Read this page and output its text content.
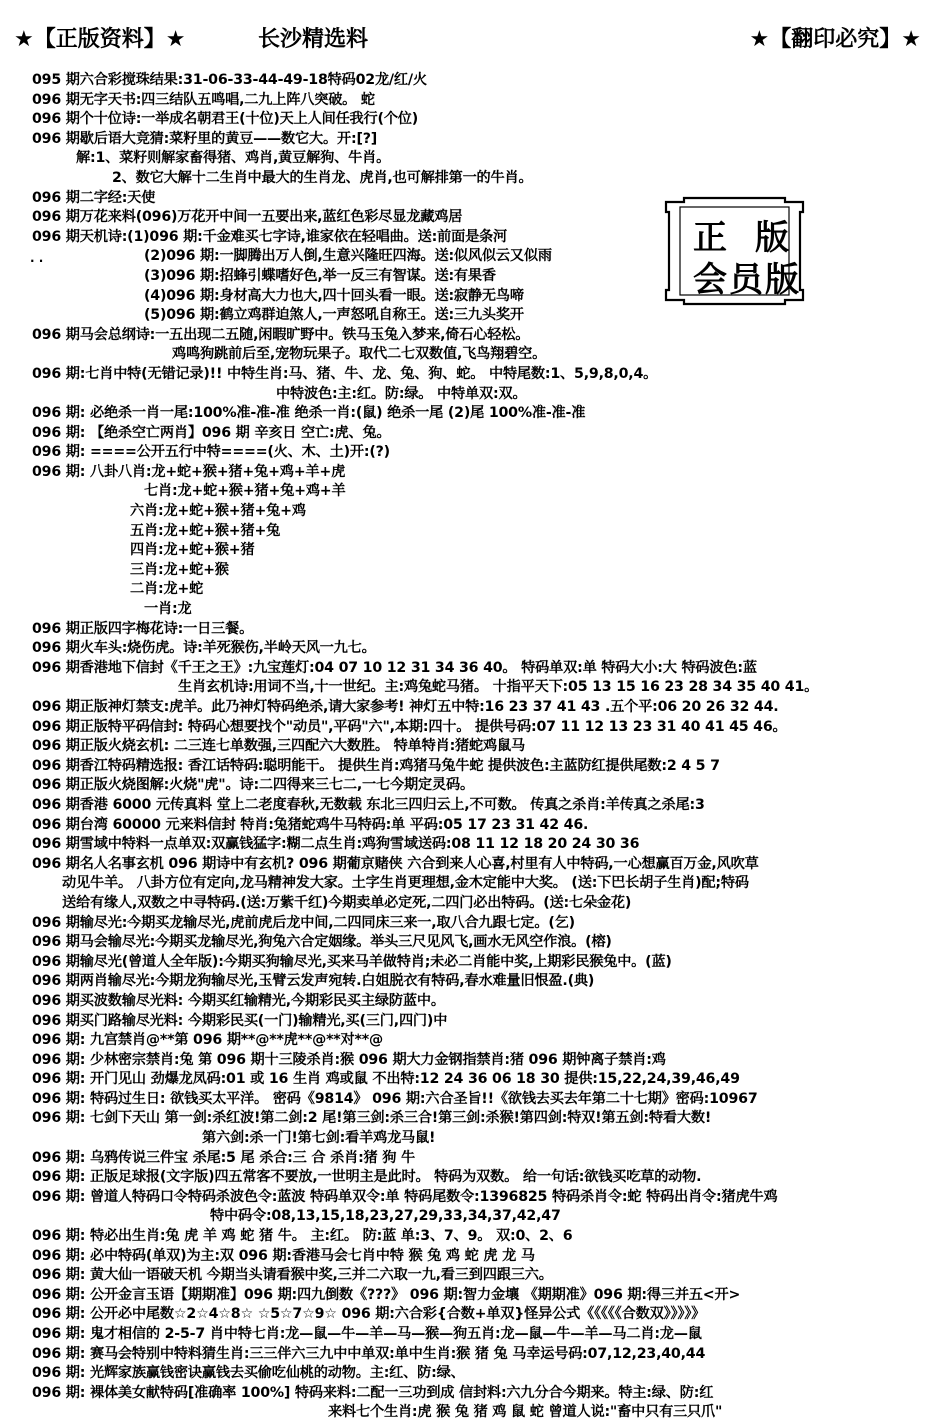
★【正版资料】★	长沙精选料	★【翻印必究】★
095 期六合彩搅珠结果:31-06-33-44-49-18特码02龙/红/火
096 期无字天书:四三结队五鸣唱,二九上阵八突破。 蛇
096 期个十位诗:一举成名朝君王(十位)天上人间任我行(个位)
096 期歇后语大竞猜:菜籽里的黄豆——数它大。开:[?]
解:1、菜籽则解家畜得猪、鸡肖,黄豆解狗、牛肖。
2、数它大解十二生肖中最大的生肖龙、虎肖,也可解排第一的牛肖。
096 期二字经:天使
096 期万花来料(096)万花开中间一五要出来,蓝红色彩尽显龙藏鸡居
096 期天机诗:(1)096 期:千金难买七字诗,谁家依在轻唱曲。送:前面是条河
(2)096 期:一脚腾出万人倒,生意兴隆旺四海。送:似风似云又似雨
(3)096 期:招蜂引蝶嗜好色,举一反三有智谋。送:有果香
(4)096 期:身材高大力也大,四十回头看一眼。送:寂静无鸟啼
(5)096 期:鹤立鸡群迫煞人,一声怒吼自称王。送:三九头奖开
096 期马会总纲诗:一五出现二五随,闲暇旷野中。铁马玉兔入梦来,倚石心轻松。
鸡鸣狗跳前后至,宠物玩果子。取代二七双数值,飞鸟翔碧空。
096 期:七肖中特(无错记录)!! 中特生肖:马、猪、牛、龙、兔、狗、蛇。 中特尾数:1、5,9,8,0,4。
中特波色:主:红。防:绿。 中特单双:双。
096 期: 必绝杀一肖一尾:100%准-准-准 绝杀一肖:(鼠) 绝杀一尾 (2)尾 100%准-准-准
096 期: 【绝杀空亡两肖】096 期 辛亥日 空亡:虎、兔。
096 期: ====公开五行中特====(火、木、土)开:(?)
096 期: 八卦八肖:龙+蛇+猴+猪+兔+鸡+羊+虎
七肖:龙+蛇+猴+猪+兔+鸡+羊
六肖:龙+蛇+猴+猪+兔+鸡
五肖:龙+蛇+猴+猪+兔
四肖:龙+蛇+猴+猪
三肖:龙+蛇+猴
二肖:龙+蛇
一肖:龙
096 期正版四字梅花诗:一日三餐。
096 期火车头:烧伤虎。诗:羊死猴伤,半岭天风一九七。
096 期香港地下信封《千王之王》:九宝莲灯:04 07 10 12 31 34 36 40。 特码单双:单 特码大小:大 特码波色:蓝
生肖玄机诗:用词不当,十一世纪。主:鸡兔蛇马猪。 十指平天下:05 13 15 16 23 28 34 35 40 41。
096 期正版神灯禁支:虎羊。此乃神灯特码绝杀,请大家参考! 神灯五中特:16 23 37 41 43 .五个平:06 20 26 32 44.
096 期正版特平码信封: 特码心想要找个"动员",平码"六",本期:四十。 提供号码:07 11 12 13 23 31 40 41 45 46。
096 期正版火烧玄机: 二三连七单数强,三四配六大数胜。 特单特肖:猪蛇鸡鼠马
096 期香江特码精选报: 香江话特码:聪明能干。 提供生肖:鸡猪马兔牛蛇 提供波色:主蓝防红提供尾数:2 4 5 7
096 期正版火烧图解:火烧"虎"。诗:二四得来三七二,一七今期定灵码。
096 期香港 6000 元传真料 堂上二老度春秋,无数载 东北三四归云上,不可数。 传真之杀肖:羊传真之杀尾:3
096 期台湾 60000 元来料信封 特肖:兔猪蛇鸡牛马特码:单 平码:05 17 23 31 42 46.
096 期雪域中特料一点单双:双赢钱猛字:糊二点生肖:鸡狗雪域送码:08 11 12 18 20 24 30 36
096 期名人名事玄机 096 期诗中有玄机? 096 期葡京赌侠 六合到来人心喜,村里有人中特码,一心想赢百万金,风吹草
动见牛羊。 八卦方位有定向,龙马精神发大家。土字生肖更理想,金木定能中大奖。 (送:下巴长胡子生肖)配;特码
送给有缘人,双数之中寻特码.(送:万紫千红)今期卖单必定死,二四门必出特码。(送:七朵金花)
096 期输尽光:今期买龙输尽光,虎前虎后龙中间,二四同床三来一,取八合九跟七定。(乞)
096 期马会输尽光:今期买龙输尽光,狗兔六合定姻缘。举头三尺见风飞,画水无风空作浪。(榕)
096 期输尽光(曾道人全年版):今期买狗输尽光,买来马羊做特肖;未必二肖能中奖,上期彩民猴兔中。(蓝)
096 期两肖输尽光:今期龙狗输尽光,玉臂云发声宛转.白姐脱衣有特码,春水难量旧恨盈.(典)
096 期买波数输尽光料: 今期买红输精光,今期彩民买主绿防蓝中。
096 期买门路输尽光料: 今期彩民买(一门)输精光,买(三门,四门)中
096 期: 九宫禁肖@**第 096 期**@**虎**@**对**@
096 期: 少林密宗禁肖:兔 第 096 期十三陵杀肖:猴 096 期大力金钢指禁肖:猪 096 期钟离子禁肖:鸡
096 期: 开门见山 劲爆龙凤码:01 或 16 生肖 鸡或鼠 不出特:12 24 36 06 18 30 提供:15,22,24,39,46,49
096 期: 特码过生日: 欲钱买太平洋。 密码《9814》 096 期:六合圣旨!!《欲钱去买去年第二十七期》密码:10967
096 期: 七剑下天山 第一剑:杀红波!第二剑:2 尾!第三剑:杀三合!第三剑:杀猴!第四剑:特双!第五剑:特看大数!
第六剑:杀一门!第七剑:看羊鸡龙马鼠!
096 期: 乌鸦传说三件宝 杀尾:5 尾 杀合:三 合 杀肖:猪 狗 牛
096 期: 正版足球报(文字版)四五常客不要放,一世明主是此时。 特码为双数。 给一句话:欲钱买吃草的动物.
096 期: 曾道人特码口令特码杀波色令:蓝波 特码单双令:单 特码尾数令:1396825 特码杀肖令:蛇 特码出肖令:猪虎牛鸡
特中码令:08,13,15,18,23,27,29,33,34,37,42,47
096 期: 特必出生肖:兔 虎 羊 鸡 蛇 猪 牛。 主:红。 防:蓝 单:3、7、9。 双:0、2、6
096 期: 必中特码(单双)为主:双 096 期:香港马会七肖中特 猴 兔 鸡 蛇 虎 龙 马
096 期: 黄大仙一语破天机 今期当头请看猴中奖,三并二六取一九,看三到四跟三六。
096 期: 公开金言玉语【期期准】096 期:四九倒数《???》 096 期:智力金壤 《期期准》096 期:得三并五<开>
096 期: 公开必中尾数☆2☆4☆8☆ ☆5☆7☆9☆ 096 期:六合彩{合数+单双}怪异公式《《《《《合数双》》》》》
096 期: 鬼才相信的 2-5-7 肖中特七肖:龙—鼠—牛—羊—马—猴—狗五肖:龙—鼠—牛—羊—马二肖:龙—鼠
096 期: 赛马会特别中特料猜生肖:三三伴六三九中中单双:单中生肖:猴 猪 兔 马幸运号码:07,12,23,40,44
096 期: 光辉家族赢钱密诀赢钱去买偷吃仙桃的动物。主:红、防:绿、
096 期: 裸体美女献特码[准确率 100%] 特码来料:二配一三功到成 信封料:六九分合今期来。特主:绿、防:红
来料七个生肖:虎 猴 兔 猪 鸡 鼠 蛇 曾道人说:"畜中只有三只爪"
· ·
正版
会员版
